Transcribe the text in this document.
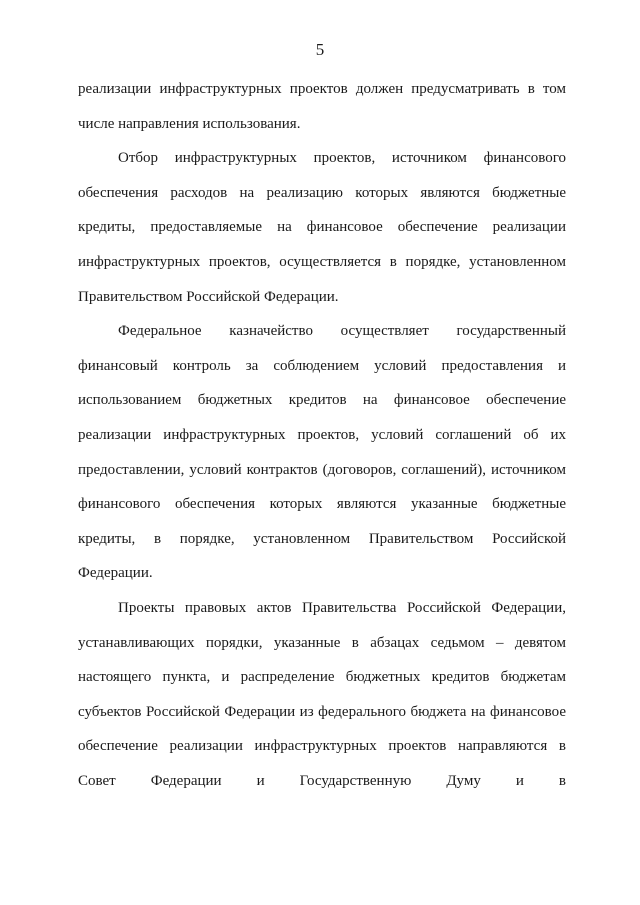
5

реализации инфраструктурных проектов должен предусматривать в том числе направления использования.

Отбор инфраструктурных проектов, источником финансового обеспечения расходов на реализацию которых являются бюджетные кредиты, предоставляемые на финансовое обеспечение реализации инфраструктурных проектов, осуществляется в порядке, установленном Правительством Российской Федерации.

Федеральное казначейство осуществляет государственный финансовый контроль за соблюдением условий предоставления и использованием бюджетных кредитов на финансовое обеспечение реализации инфраструктурных проектов, условий соглашений об их предоставлении, условий контрактов (договоров, соглашений), источником финансового обеспечения которых являются указанные бюджетные кредиты, в порядке, установленном Правительством Российской Федерации.

Проекты правовых актов Правительства Российской Федерации, устанавливающих порядки, указанные в абзацах седьмом – девятом настоящего пункта, и распределение бюджетных кредитов бюджетам субъектов Российской Федерации из федерального бюджета на финансовое обеспечение реализации инфраструктурных проектов направляются в Совет Федерации и Государственную Думу и в
